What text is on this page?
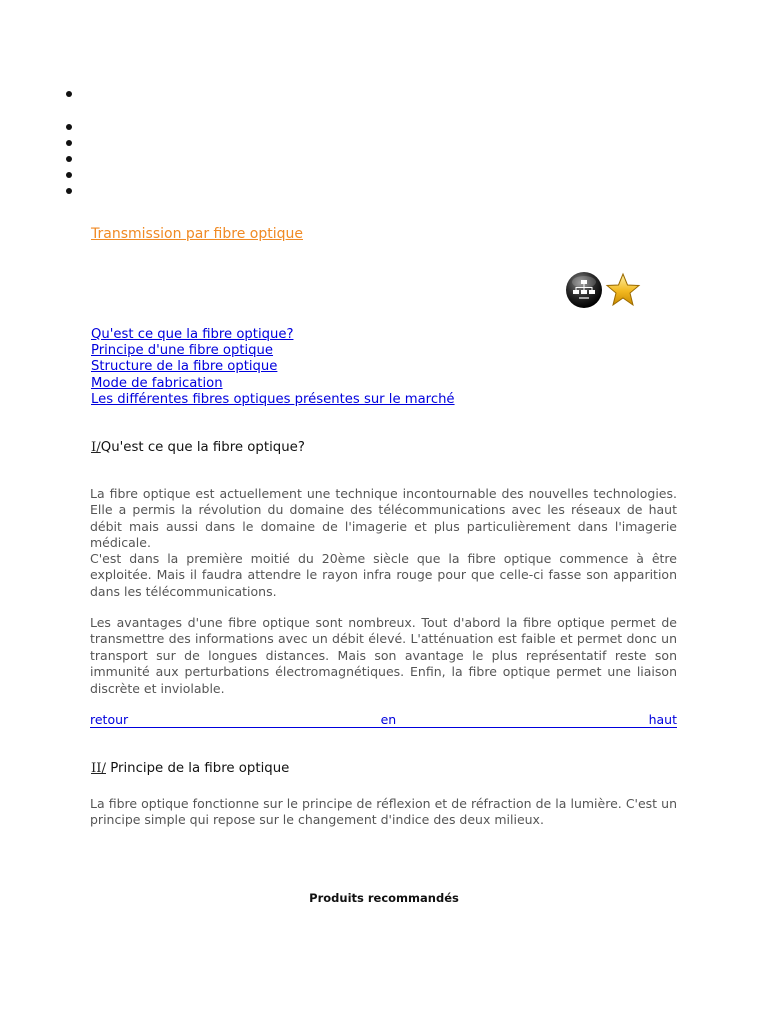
Transmission par fibre optique
Qu'est ce que la fibre optique?
Principe d'une fibre optique
Structure de la fibre optique
Mode de fabrication
Les différentes fibres optiques présentes sur le marché
I/Qu'est ce que la fibre optique?

La fibre optique est actuellement une technique incontournable des nouvelles technologies. Elle a permis la révolution du domaine des télécommunications avec les réseaux de haut débit mais aussi dans le domaine de l'imagerie et plus particulièrement dans l'imagerie médicale.

C'est dans la première moitié du 20ème siècle que la fibre optique commence à être exploitée. Mais il faudra attendre le rayon infra rouge pour que celle-ci fasse son apparition dans les télécommunications.

Les avantages d'une fibre optique sont nombreux. Tout d'abord la fibre optique permet de transmettre des informations avec un débit élevé. L'atténuation est faible et permet donc un transport sur de longues distances. Mais son avantage le plus représentatif reste son immunité aux perturbations électromagnétiques. Enfin, la fibre optique permet une liaison discrète et inviolable.

retour	en	haut
II/ Principe de la fibre optique

La fibre optique fonctionne sur le principe de réflexion et de réfraction de la lumière. C'est un principe simple qui repose sur le changement d'indice des deux milieux.

Produits recommandés
